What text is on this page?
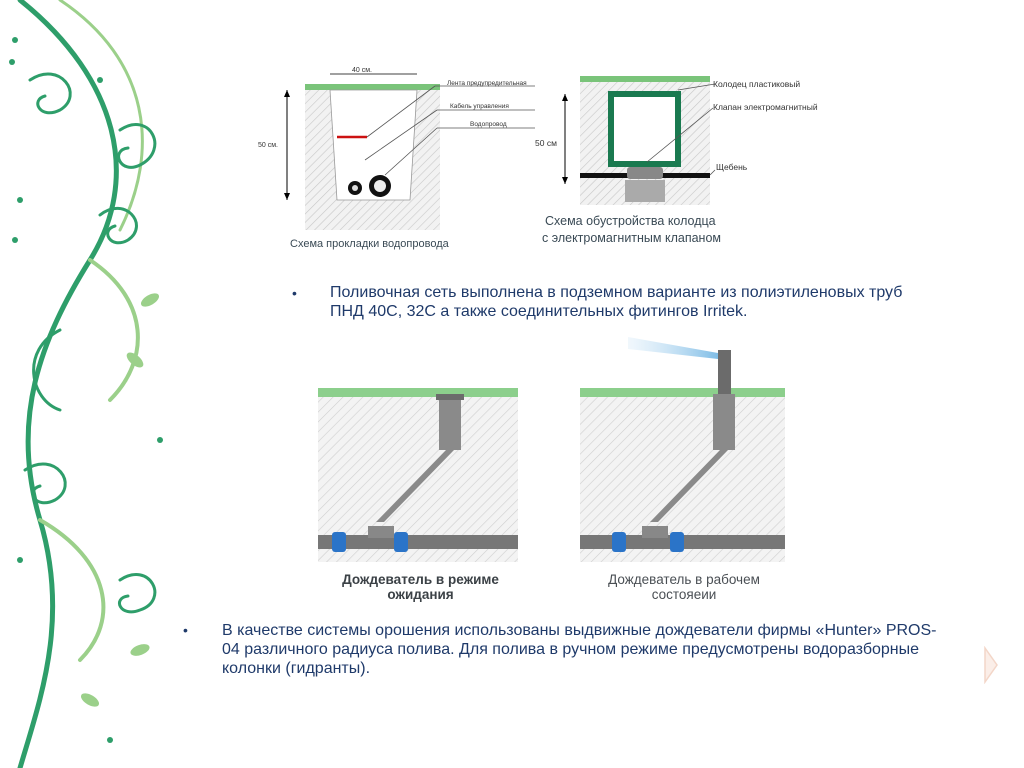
40 см.
50 см.
Лента предупредительная
Кабель управления
Водопровод
Схема прокладки водопровода
Колодец пластиковый
Клапан электромагнитный
Щебень
50 см
Схема обустройства колодца
с электромагнитным клапаном
• Поливочная сеть выполнена в подземном варианте из полиэтиленовых труб ПНД 40С, 32С а также соединительных фитингов Irritek.
Дождеватель в режиме
ожидания
Дождеватель в рабочем
состояеии
• В качестве системы орошения использованы выдвижные дождеватели фирмы «Hunter» PROS-04 различного радиуса полива. Для полива в ручном режиме предусмотрены водоразборные колонки (гидранты).
